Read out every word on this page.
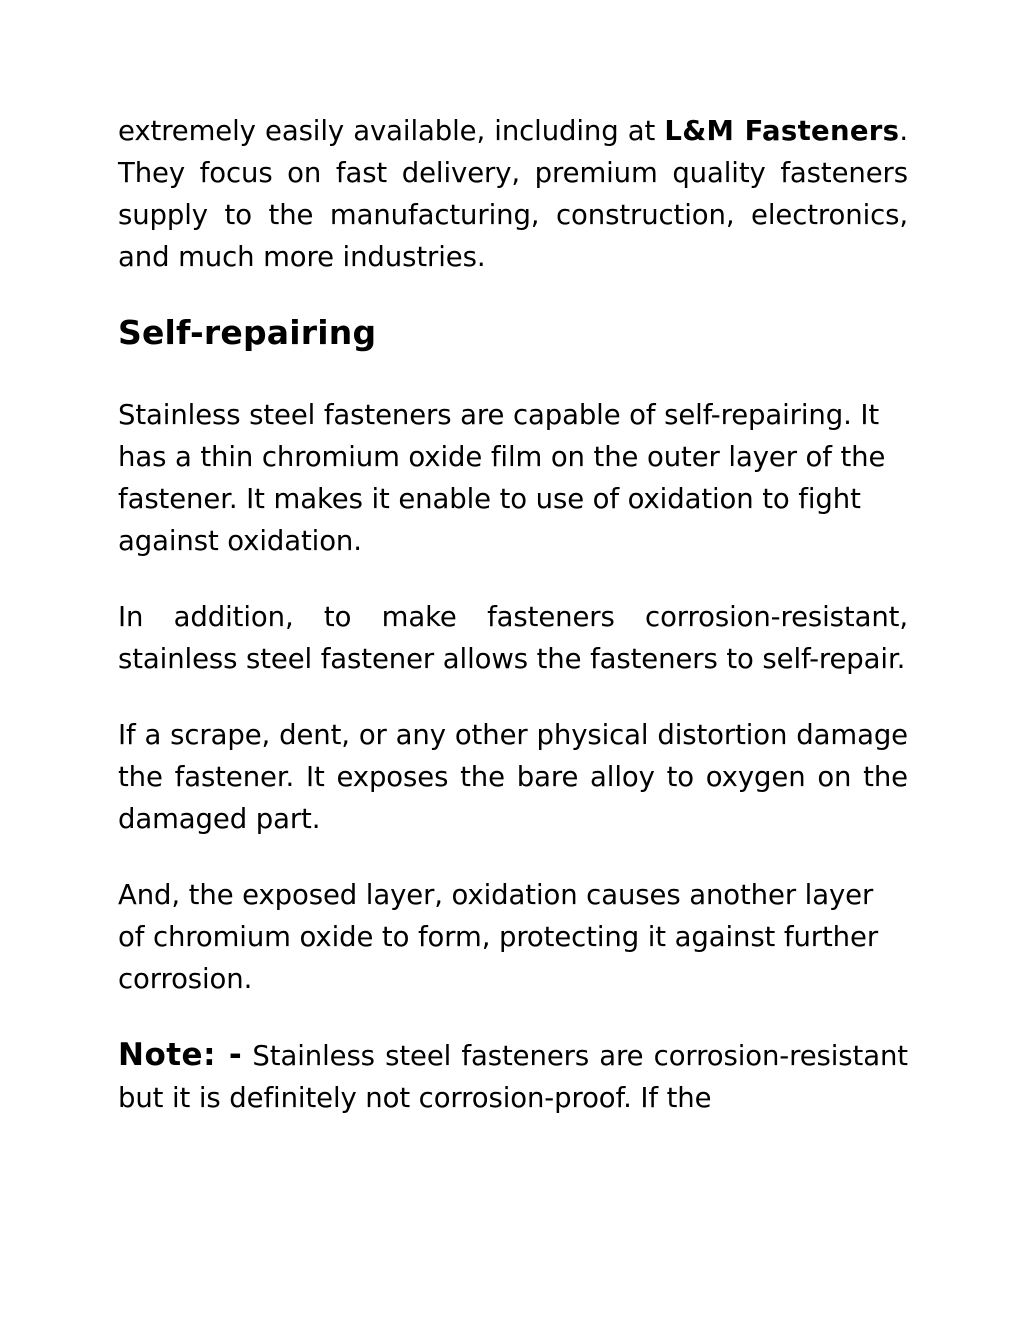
extremely easily available, including at L&M Fasteners. They focus on fast delivery, premium quality fasteners supply to the manufacturing, construction, electronics, and much more industries.

Self-repairing

Stainless steel fasteners are capable of self-repairing. It has a thin chromium oxide film on the outer layer of the fastener. It makes it enable to use of oxidation to fight against oxidation.

In addition, to make fasteners corrosion-resistant, stainless steel fastener allows the fasteners to self-repair.

If a scrape, dent, or any other physical distortion damage the fastener. It exposes the bare alloy to oxygen on the damaged part.

And, the exposed layer, oxidation causes another layer of chromium oxide to form, protecting it against further corrosion.

Note: - Stainless steel fasteners are corrosion-resistant but it is definitely not corrosion-proof. If the
